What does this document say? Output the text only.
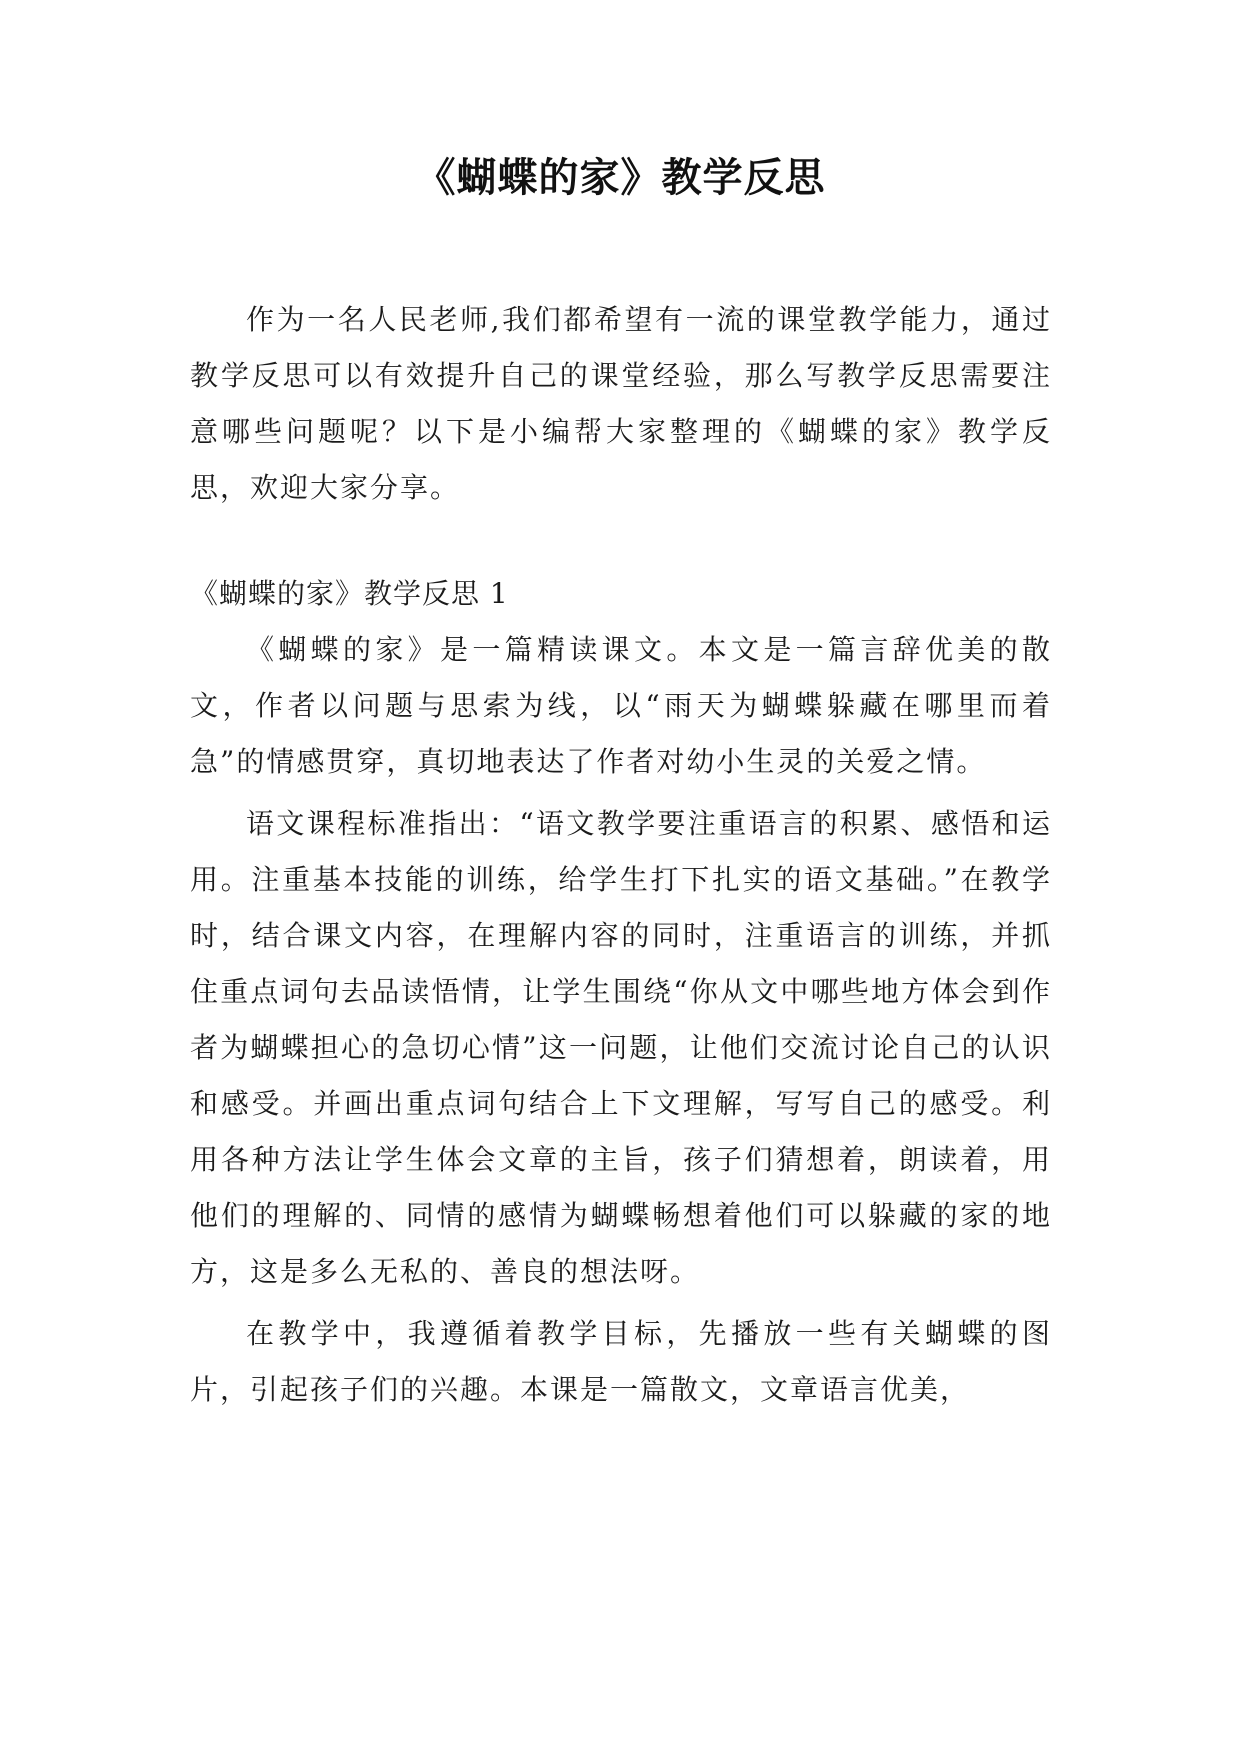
《蝴蝶的家》教学反思

作为一名人民老师,我们都希望有一流的课堂教学能力，通过教学反思可以有效提升自己的课堂经验，那么写教学反思需要注意哪些问题呢？以下是小编帮大家整理的《蝴蝶的家》教学反思，欢迎大家分享。

《蝴蝶的家》教学反思 1

《蝴蝶的家》是一篇精读课文。本文是一篇言辞优美的散文，作者以问题与思索为线，以“雨天为蝴蝶躲藏在哪里而着急”的情感贯穿，真切地表达了作者对幼小生灵的关爱之情。

语文课程标准指出：“语文教学要注重语言的积累、感悟和运用。注重基本技能的训练，给学生打下扎实的语文基础。”在教学时，结合课文内容，在理解内容的同时，注重语言的训练，并抓住重点词句去品读悟情，让学生围绕“你从文中哪些地方体会到作者为蝴蝶担心的急切心情”这一问题，让他们交流讨论自己的认识和感受。并画出重点词句结合上下文理解，写写自己的感受。利用各种方法让学生体会文章的主旨，孩子们猜想着，朗读着，用他们的理解的、同情的感情为蝴蝶畅想着他们可以躲藏的家的地方，这是多么无私的、善良的想法呀。

在教学中，我遵循着教学目标，先播放一些有关蝴蝶的图片，引起孩子们的兴趣。本课是一篇散文，文章语言优美，
